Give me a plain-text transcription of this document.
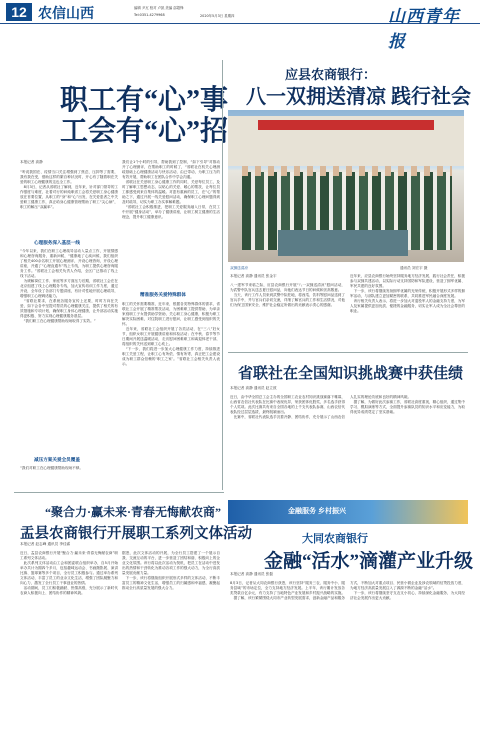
12 农信山西	编辑 尹瓦 校对 卢凯 美编 邵超锋
Tel:0351-4279968	2020年5月3日 星期四	山西青年报
职工有“心”事
工会有“心”招
本报记者 高静
“听说我国在、疫情当口关注增强到了焦虑、压抑等了需要，我有我在受，借助这样的繁自种状况时，开心有了随着职在关爱的职工心理健康的这也全工作。
　8月3日，记者从省联社了解到，近年来，针对部门领导的工作强度与难度，社着对行的问纯职省工会将关爱职工身心健康放在首要位置，从职工的“身”和“心”出发，在关爱患者之中关爱职工健康工作，真正给身心健康管理帮助了职工“尖心病”，职工的解压“双赢率”。
心理服务深入基层一线
“今年以来，我们在职工心理疏导活动入量点工作，开展情感和心理咨询服务，重新问候，“健康地了心疾问候，我们组织了相关400余名职工开展心理测评，开设心理咨询，开设心理讲座，开通了“心理直通车”线上专线，为职工提供心理咨询服务工作。”省联社工会相关负责人介绍，全区广泛推动了线上线下活动。
　为缓解岗位工作、家庭等多方面压力后期，省联社工会在在北京组建了线上心理服务专线，加大宣传培训工作力度，通过开设，全年设了各部门专题讲座，有针对性地开展心理疏导，增强职工心理调适能力。
　“省联社要求，在系统各服务宣传上还要，时时方向在关爱，如下会各中坚提对帮员的心理健康关注，提供了相关的有效措施和专项计划，确保职工身体心理健康，让外部活动实施得更积极、努力实现心理健康服务基层。
　“我们职工在心理健康帮助现场取得了实效。”
减压方案关爱全员覆盖
“我们对职工在心理健康帮助现场不够。
我们让1个小时的引导，帮助我到了控制，“如下引导”对推动开了心理测评，在帮助职工的时候了，“省联社在机关心理测疏基础上心理健康活动与快乐活动，由已带动，为职工压力的有效开展，帮助职工在团队合作中学会沟通。
　省联社在关爱职工身心健康工作的同时，关爱每位员工，及时了解职工思想动态，以贴心的关爱、暖心的帮扶，让每位员工都感受到来自集体的温暖。对患有重病的员工，在“心”的帮助之下，通过开展一线关爱慰问活动，确保职工心理问题得到及时疏导，切实为职工办实事解难题。
　“省联社工会积极推进，把职工关爱服务融入日常，在员工中开展“健身活动”，举办了健康讲座，让职工树立健康的生活理念，提升职工健康意识。
精准服务关爱特殊群体
职工的关怀需要精准，近年来，根据各类特殊群体的需求，省联社工会开展了精准帮扶活动，为困难职工提供帮助，为单亲家庭职工子女提供助学资助，关心职工身心健康，积极为职工解决实际困难，对住院职工进行慰问，让职工感受到组织的关怀。
　近年来，省联社工会组织开展了各类活动，在“三八”妇女节，组织女职工开展健康讲座和体检活动；在中秋、春节等节日期间开展送温暖活动，走访慰问困难职工和离退休老干部，将组织的关怀送到职工心坎上。
　“下一步，我们将进一步加大心理健康工作力度，持续推进职工关爱工程，让职工心有所依、情有所寄，真正把工会建设成为职工群众信赖的‘职工之家’。”省联社工会相关负责人表示。
应县农商银行：
八一双拥送清凉 践行社会
双拥送清凉	通讯员 刘宏宇 摄
本报记者 高静 通讯员 张金宇
八一建军节来临之际，应县农商银行开展“八一双拥送清凉”慰问活动，为武警中队官兵送去夏日慰问品，向他们表达节日的问候和崇高敬意。
　当天，该行工作人员来到武警中队驻地，将西瓜、饮料等慰问品送到了官兵手中，并与官兵们亲切交流，详细了解官兵的工作和生活情况，对他们为保卫国家安全、维护社会稳定所做出的贡献表示衷心的感谢。
近年来，应县农商银行始终坚持服务地方经济发展、践行社会责任，积极参与双拥共建活动，以实际行动支持国防和军队建设，营造了拥军优属、军民共建的良好氛围。
　下一步，该行将继续发扬拥军优属的光荣传统，积极开展形式多样的拥军活动，与部队建立更加紧密的联系，共同推进军民融合深度发展。
　该行相关负责人表示，将进一步加大对退役军人的金融支持力度，为军人及家属提供更加优质、便捷的金融服务，切实让军人成为全社会尊崇的职业。
省联社在全国知识挑战赛中获佳绩
本报记者 高静 通讯员 赵立波
近日，由中华全国总工会主办的全国职工农业农村知识挑战赛落下帷幕，山西省农信社代表队在比赛中表现优异，荣获团体优胜奖，多名选手获得个人奖项。此次比赛共有来自全国各地的上千支代表队参赛，山西农信代表队经过层层选拔，最终脱颖而出。
　比赛中，省联社代表队选手沉着冷静、团结协作，充分展示了山西农信人扎实的理论功底和良好的精神风貌。
　据了解，为做好此次参赛工作，省联社高度重视，精心组织，通过集中学习、模拟演练等方式，全面提升参赛队员的知识水平和应变能力，为取得优异成绩奠定了坚实基础。
“聚合力·赢未来·青春无悔献农商”
盂县农商银行开展职工系列文体活动
本报记者 赵志峰 通讯员 李佳睿
近日，盂县农商银行开展“聚合力·赢未来·青春无悔献农商”职工系列文体活动。
　此次系列文体活动由工会和团委联合组织举办，自5月开始举办共计为期四个多月，包括趣味运动会、书画摄影展、演讲比赛、篮球赛等多个项目，全行员工积极参与。通过举办系列文体活动，丰富了员工的业余文化生活，增强了团队凝聚力和向心力，激发了全行员工干事创业的热情。
　活动期间，员工们积极踊跃、热情高涨，充分展示了新时代农商人积极向上、团结协作的精神风貌。
据悉，此次文体活动的开展，为全行员工搭建了一个展示自我、交流互动的平台，进一步营造了团结和谐、积极向上的企业文化氛围。该行将以此次活动为契机，把员工在活动中迸发出的热情和干劲转化为推动各项工作的强大动力，为全行高质量发展贡献力量。
　下一步，该行将继续组织开展形式多样的文体活动，不断丰富员工的精神文化生活，增强员工的归属感和幸福感，凝聚起推动全行高质量发展的强大合力。
金融服务 乡村振兴
大同农商银行
金融“活水”滴灌产业升级
本报记者 高静 通讯员 张磊
8月3日，记者从大同农商银行获悉，该行坚持“服务三农、服务中小、服务县域”的市场定位，全力支持地方经济发展。上半年，该行累计发放各类贷款百亿余元，有力支持了当地特色产业发展和乡村振兴战略的实施。
　据了解，该行紧紧围绕大同市产业转型发展需求，创新金融产品和服务方式，不断加大对重点项目、民营小微企业及涉农领域的信贷投放力度，为地方经济高质量发展注入了源源不断的金融“活水”。
　下一步，该行将继续坚守支农支小初心，持续深化金融服务，为大同经济社会发展作出更大贡献。
